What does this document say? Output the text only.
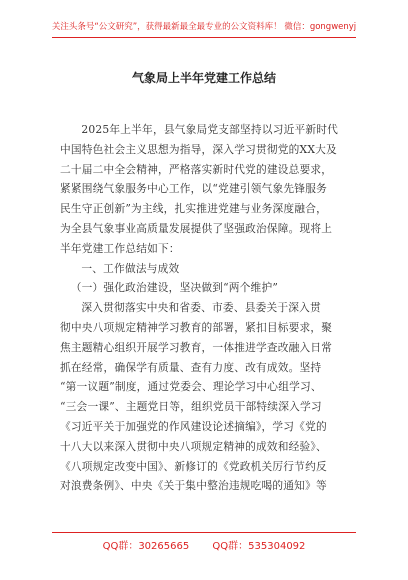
关注头条号“公文研究”，获得最新最全最专业的公文资料库！ 微信：gongwenyj
气象局上半年党建工作总结
2025年上半年，县气象局党支部坚持以习近平新时代
中国特色社会主义思想为指导，深入学习贯彻党的XX大及
二十届二中全会精神，严格落实新时代党的建设总要求，
紧紧围绕气象服务中心工作，以“党建引领气象先锋服务
民生守正创新”为主线，扎实推进党建与业务深度融合，
为全县气象事业高质量发展提供了坚强政治保障。现将上
半年党建工作总结如下：
一、工作做法与成效
（一）强化政治建设，坚决做到“两个维护”
深入贯彻落实中央和省委、市委、县委关于深入贯
彻中央八项规定精神学习教育的部署，紧扣目标要求，聚
焦主题精心组织开展学习教育，一体推进学查改融入日常
抓在经常，确保学有质量、查有力度、改有成效。坚持
“第一议题”制度，通过党委会、理论学习中心组学习、
“三会一课”、主题党日等，组织党员干部特续深入学习
《习近平关于加强党的作风建设论述摘编》，学习《党的
十八大以来深入贯彻中央八项规定精神的成效和经验》、
《八项规定改变中国》、新修订的《党政机关厉行节约反
对浪费条例》、中央《关于集中整治违规吃喝的通知》等
QQ群：30265665 QQ群：535304092
